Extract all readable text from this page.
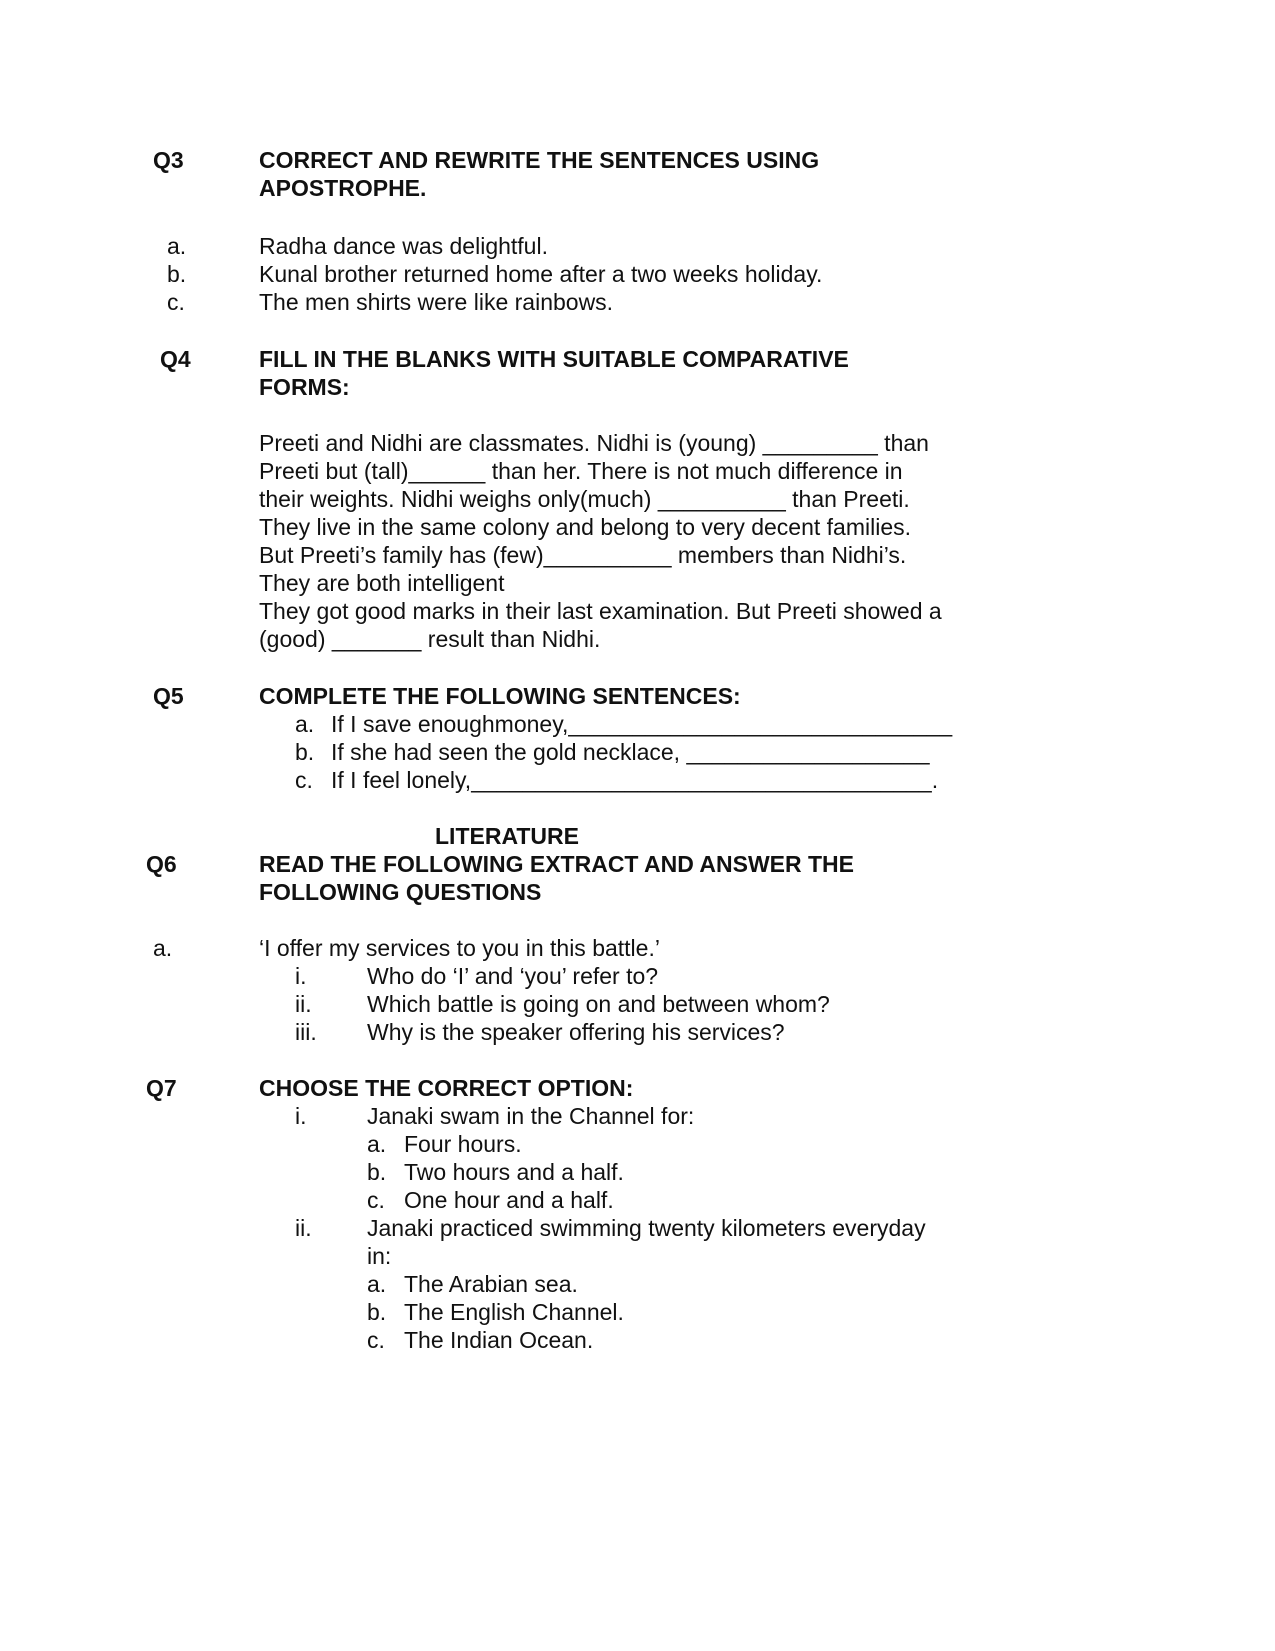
Q3	CORRECT AND REWRITE THE SENTENCES USING
APOSTROPHE.
a.	Radha dance was delightful.
b.	Kunal brother returned home after a two weeks holiday.
c.	The men shirts were like rainbows.
Q4	FILL IN THE BLANKS WITH SUITABLE COMPARATIVE
FORMS:
Preeti and Nidhi are classmates. Nidhi is (young) _________ than
Preeti but (tall)______ than her. There is not much difference in
their weights. Nidhi weighs only(much) __________ than Preeti.
They live in the same colony and belong to very decent families.
But Preeti’s family has (few)__________ members than Nidhi’s.
They are both intelligent
They got good marks in their last examination. But Preeti showed a
(good) _______ result than Nidhi.
Q5	COMPLETE THE FOLLOWING SENTENCES:
a. If I save enoughmoney,______________________________
b. If she had seen the gold necklace, ___________________
c. If I feel lonely,____________________________________.
LITERATURE
Q6	READ THE FOLLOWING EXTRACT AND ANSWER THE
FOLLOWING QUESTIONS
a.	‘I offer my services to you in this battle.’
i.	Who do ‘I’ and ‘you’ refer to?
ii. Which battle is going on and between whom?
iii. Why is the speaker offering his services?
Q7	CHOOSE THE CORRECT OPTION:
i.	Janaki swam in the Channel for:
a. Four hours.
b. Two hours and a half.
c. One hour and a half.
ii. Janaki practiced swimming twenty kilometers everyday
in:
a. The Arabian sea.
b. The English Channel.
c. The Indian Ocean.
